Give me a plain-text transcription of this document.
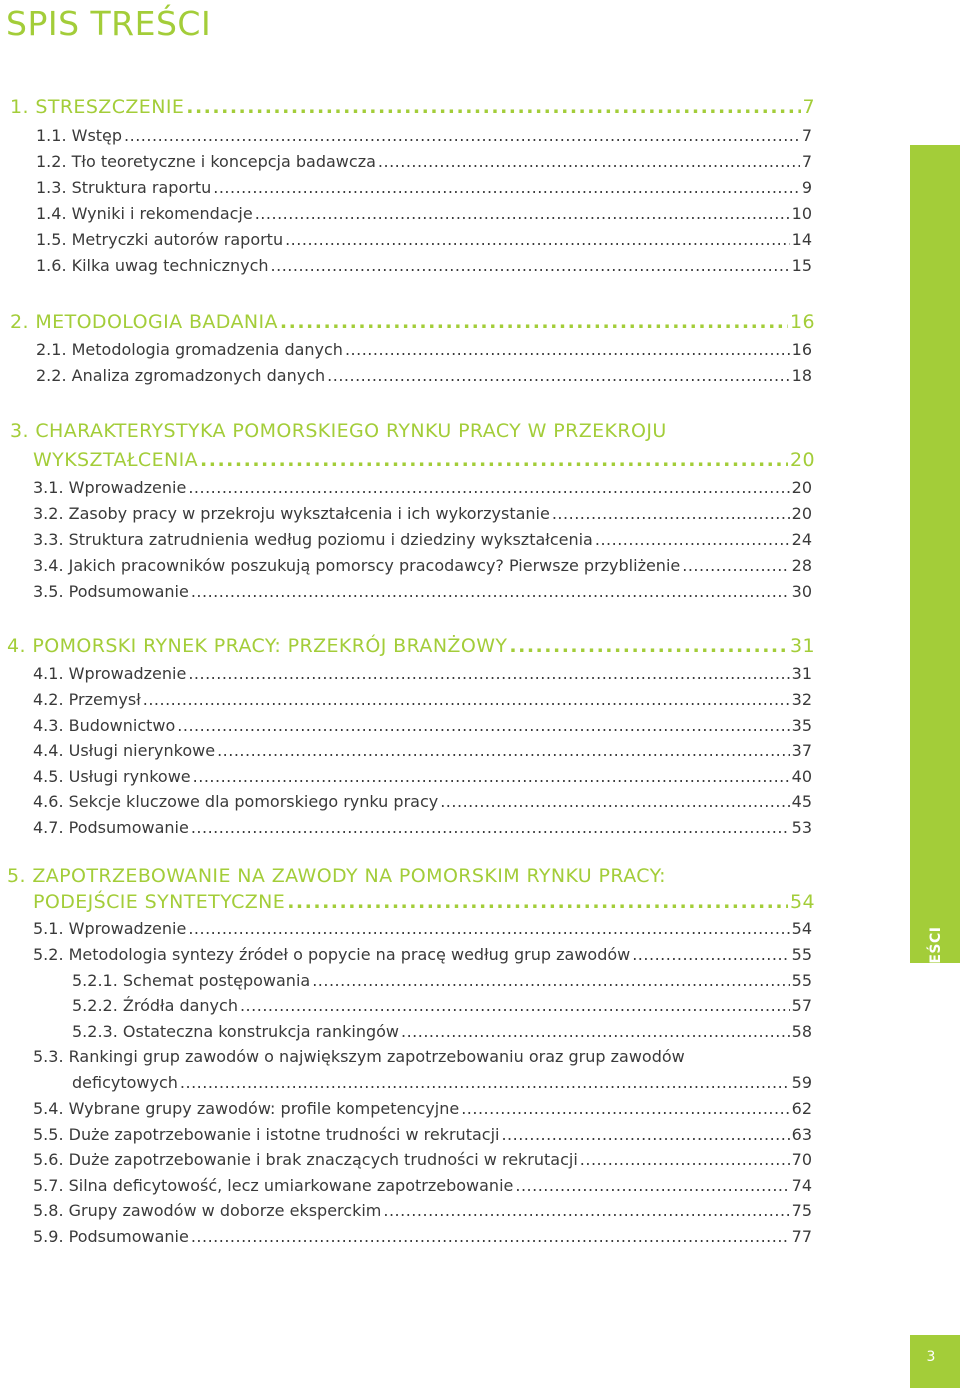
SPIS TREŚCI
SPIS TREŚCI
3
1. STRESZCZENIE .....	7
1.1. Wstęp .....	7
1.2. Tło teoretyczne i koncepcja badawcza .....	7
1.3. Struktura raportu .....	9
1.4. Wyniki i rekomendacje .....	10
1.5. Metryczki autorów raportu .....	14
1.6. Kilka uwag technicznych .....	15
2. METODOLOGIA BADANIA .....	16
2.1. Metodologia gromadzenia danych .....	16
2.2. Analiza zgromadzonych danych .....	18
3. CHARAKTERYSTYKA POMORSKIEGO RYNKU PRACY W PRZEKROJU
WYKSZTAŁCENIA .....	20
3.1. Wprowadzenie .....	20
3.2. Zasoby pracy w przekroju wykształcenia i ich wykorzystanie .....	20
3.3. Struktura zatrudnienia według poziomu i dziedziny wykształcenia .....	24
3.4. Jakich pracowników poszukują pomorscy pracodawcy? Pierwsze przybliżenie .....	28
3.5. Podsumowanie .....	30
4. POMORSKI RYNEK PRACY: PRZEKRÓJ BRANŻOWY .....	31
4.1. Wprowadzenie .....	31
4.2. Przemysł .....	32
4.3. Budownictwo .....	35
4.4. Usługi nierynkowe .....	37
4.5. Usługi rynkowe .....	40
4.6. Sekcje kluczowe dla pomorskiego rynku pracy .....	45
4.7. Podsumowanie .....	53
5. ZAPOTRZEBOWANIE NA ZAWODY NA POMORSKIM RYNKU PRACY:
PODEJŚCIE SYNTETYCZNE .....	54
5.1. Wprowadzenie .....	54
5.2. Metodologia syntezy źródeł o popycie na pracę według grup zawodów .....	55
5.2.1. Schemat postępowania .....	55
5.2.2. Źródła danych .....	57
5.2.3. Ostateczna konstrukcja rankingów .....	58
5.3. Rankingi grup zawodów o największym zapotrzebowaniu oraz grup zawodów
deficytowych .....	59
5.4. Wybrane grupy zawodów: profile kompetencyjne .....	62
5.5. Duże zapotrzebowanie i istotne trudności w rekrutacji .....	63
5.6. Duże zapotrzebowanie i brak znaczących trudności w rekrutacji .....	70
5.7. Silna deficytowość, lecz umiarkowane zapotrzebowanie .....	74
5.8. Grupy zawodów w doborze eksperckim .....	75
5.9. Podsumowanie .....	77
